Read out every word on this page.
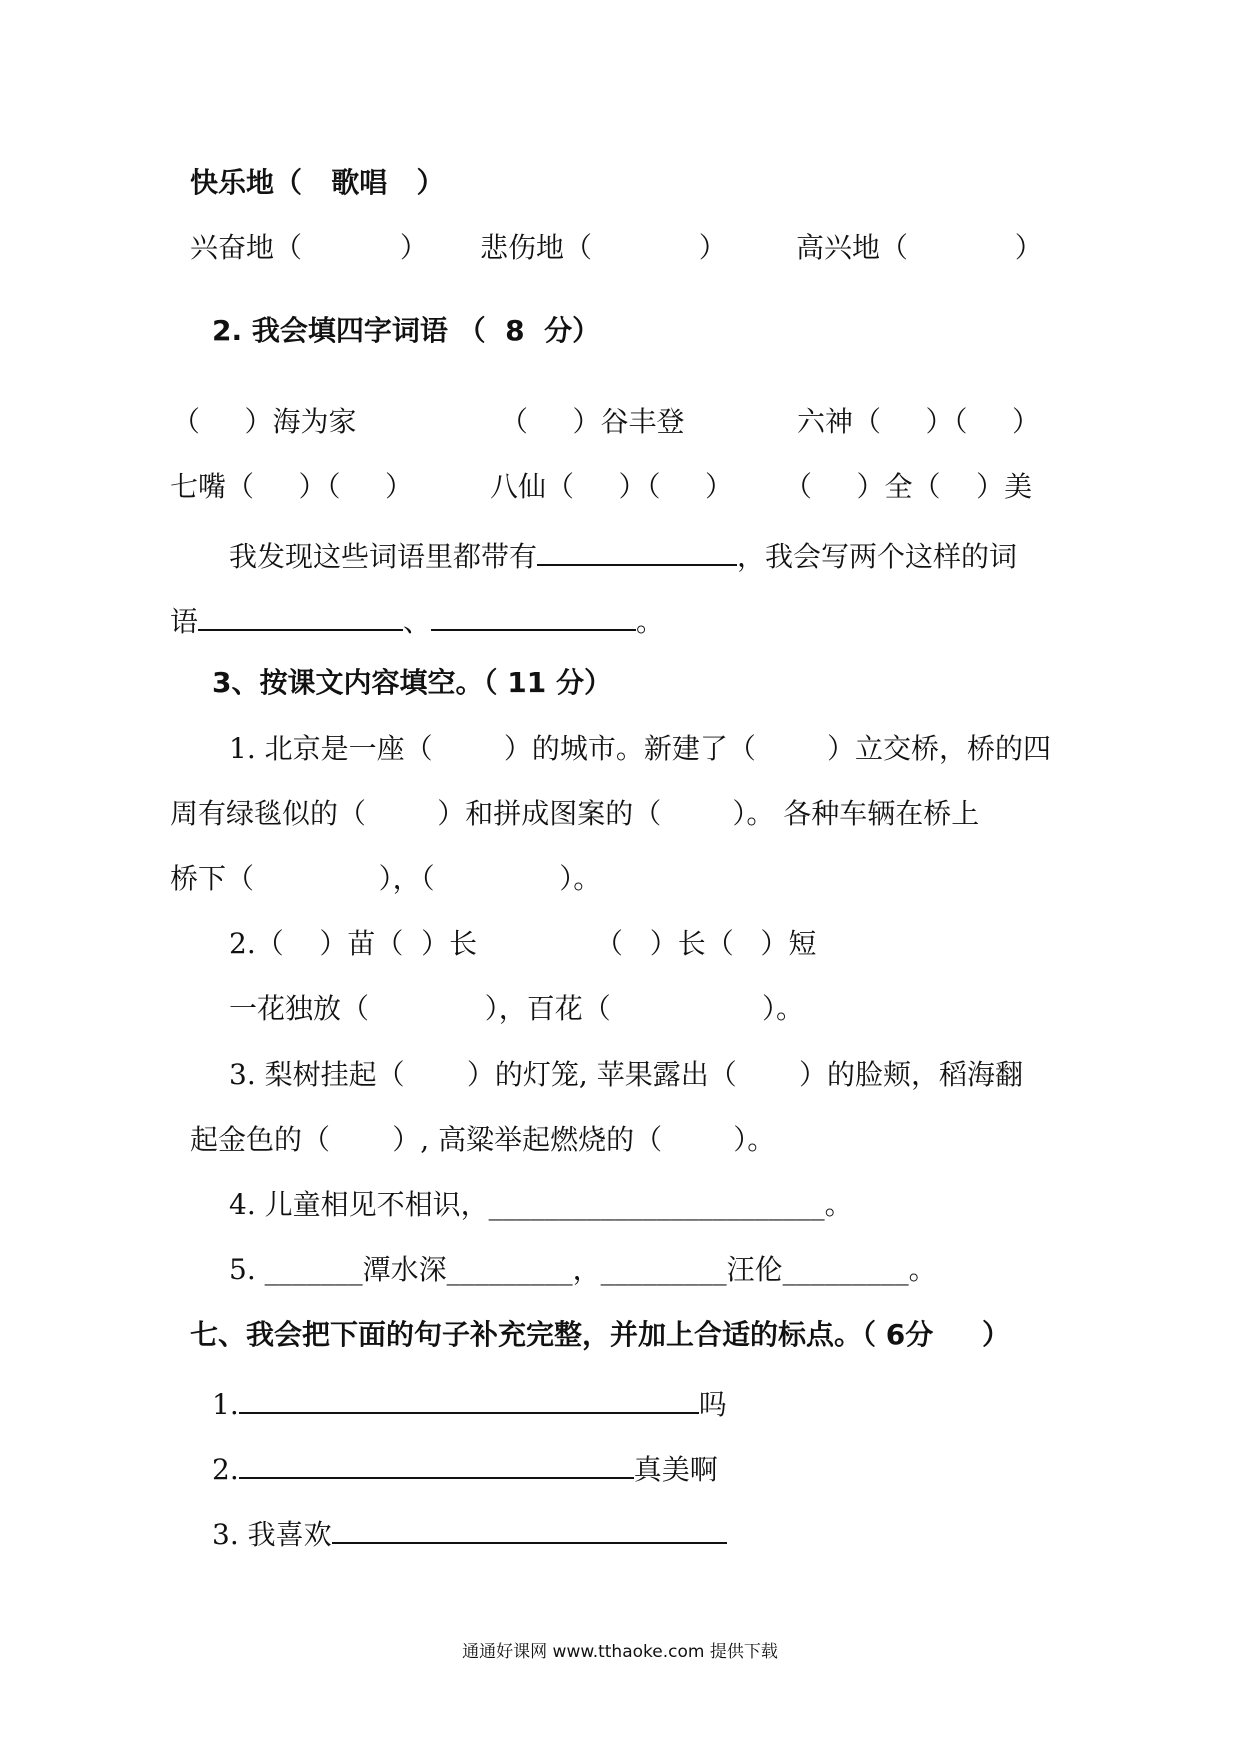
快乐地（   歌唱   ）
兴奋地（           ） 悲伤地（            ） 高兴地（            ）
2. 我会填四字词语 （  8  分）
（     ）海为家	（     ）谷丰登	六神（     ）（     ）
七嘴（     ）（     ）	八仙（     ）（     ） （     ）全（    ）美
我发现这些词语里都带有	，我会写两个这样的词
语	、	。
3、按课文内容填空。（ 11 分）
1. 北京是一座（        ）的城市。新建了（        ）立交桥，桥的四
周有绿毯似的（        ）和拼成图案的（        ）。 各种车辆在桥上
桥下（              ），（              ）。
2.（    ）苗（  ）长	（   ）长（   ）短
一花独放（             ），百花（                 ）。
3. 梨树挂起（       ）的灯笼, 苹果露出（       ）的脸颊，稻海翻
起金色的（       ）, 高粱举起燃烧的（        ）。
4. 儿童相见不相识，________________________。
5. _______潭水深_________，_________汪伦_________。
七、我会把下面的句子补充完整，并加上合适的标点。（ 6分     ）
1.	吗
2.	真美啊
3. 我喜欢
通通好课网 www.tthaoke.com 提供下载
